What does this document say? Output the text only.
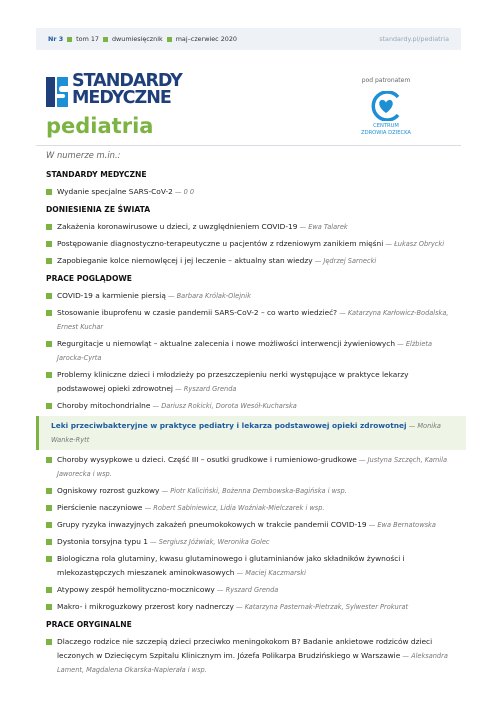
Nr 3 tom 17 dwumiesięcznik maj–czerwiec 2020	standardy.pl/pediatria
STANDARDY
MEDYCZNE
pediatria
pod patronatem
CENTRUM
ZDROWIA DZIECKA
W numerze m.in.:
STANDARDY MEDYCZNE
Wydanie specjalne SARS-CoV-2 — 0 0
DONIESIENIA ZE ŚWIATA
Zakażenia koronawirusowe u dzieci, z uwzględnieniem COVID-19 — Ewa Talarek
Postępowanie diagnostyczno-terapeutyczne u pacjentów z rdzeniowym zanikiem mięśni — Łukasz Obrycki
Zapobieganie kolce niemowlęcej i jej leczenie – aktualny stan wiedzy — Jędrzej Sarnecki
PRACE POGLĄDOWE
COVID-19 a karmienie piersią — Barbara Królak-Olejnik
Stosowanie ibuprofenu w czasie pandemii SARS-CoV-2 – co warto wiedzieć? — Katarzyna Karłowicz-Bodalska, Ernest Kuchar
Regurgitacje u niemowląt – aktualne zalecenia i nowe możliwości interwencji żywieniowych — Elżbieta Jarocka-Cyrta
Problemy kliniczne dzieci i młodzieży po przeszczepieniu nerki występujące w praktyce lekarzy podstawowej opieki zdrowotnej — Ryszard Grenda
Choroby mitochondrialne — Dariusz Rokicki, Dorota Wesół-Kucharska
Leki przeciwbakteryjne w praktyce pediatry i lekarza podstawowej opieki zdrowotnej — Monika Wanke-Rytt
Choroby wysypkowe u dzieci. Część III – osutki grudkowe i rumieniowo-grudkowe — Justyna Szczęch, Kamila Jaworecka i wsp.
Ogniskowy rozrost guzkowy — Piotr Kaliciński, Bożenna Dembowska-Bagińska i wsp.
Pierścienie naczyniowe — Robert Sabiniewicz, Lidia Woźniak-Mielczarek i wsp.
Grupy ryzyka inwazyjnych zakażeń pneumokokowych w trakcie pandemii COVID-19 — Ewa Bernatowska
Dystonia torsyjna typu 1 — Sergiusz Jóźwiak, Weronika Golec
Biologiczna rola glutaminy, kwasu glutaminowego i glutaminianów jako składników żywności i mlekozastępczych mieszanek aminokwasowych — Maciej Kaczmarski
Atypowy zespół hemolityczno-mocznicowy — Ryszard Grenda
Makro- i mikroguzkowy przerost kory nadnerczy — Katarzyna Pasternak-Pietrzak, Sylwester Prokurat
PRACE ORYGINALNE
Dlaczego rodzice nie szczepią dzieci przeciwko meningokokom B? Badanie ankietowe rodziców dzieci leczonych w Dziecięcym Szpitalu Klinicznym im. Józefa Polikarpa Brudzińskiego w Warszawie — Aleksandra Lament, Magdalena Okarska-Napierała i wsp.
